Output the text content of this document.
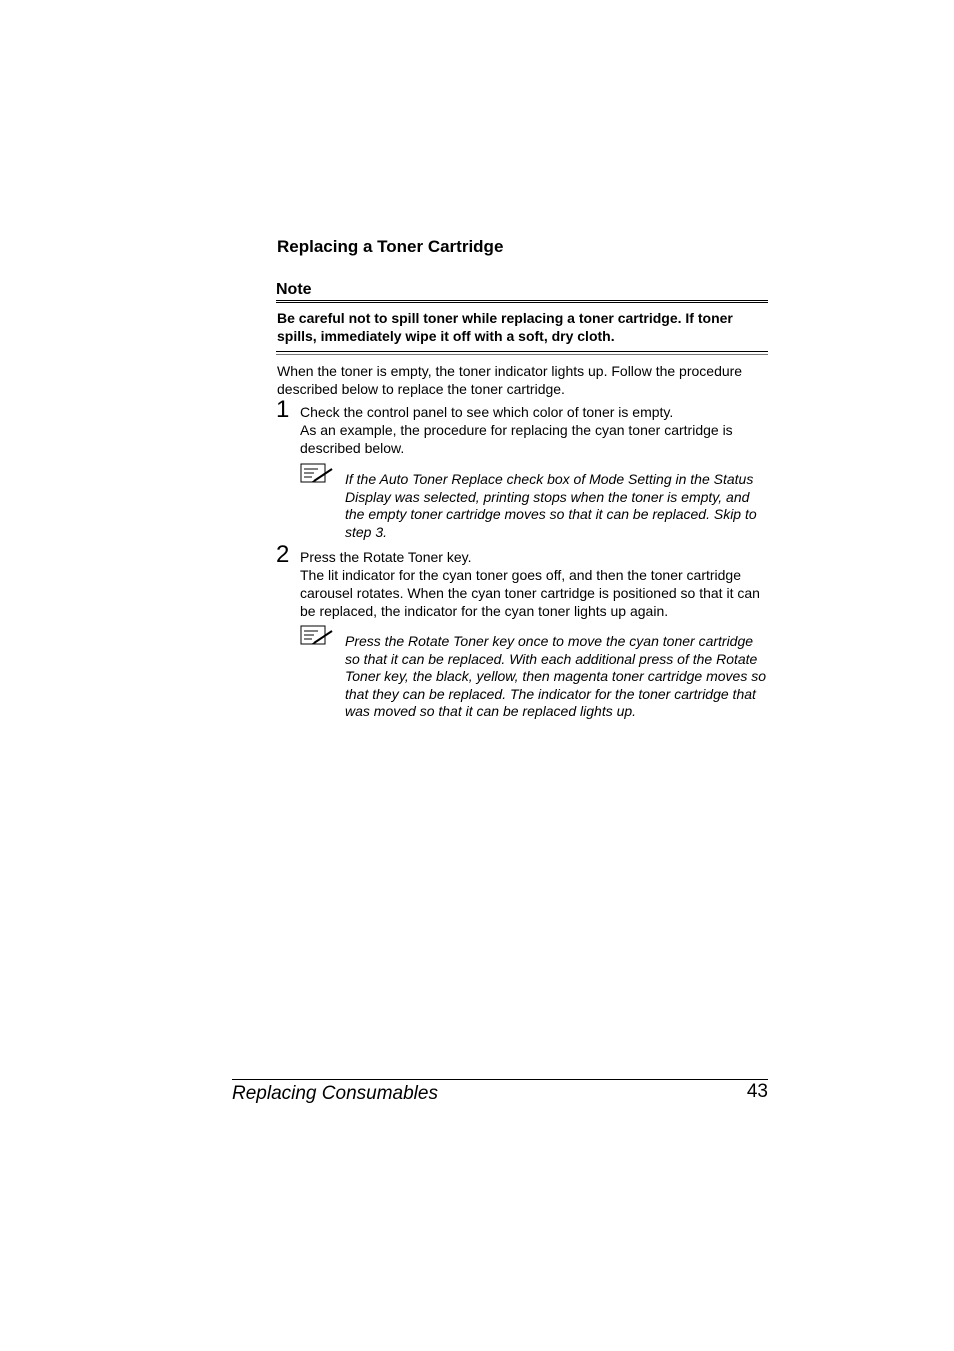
Replacing a Toner Cartridge
Note

Be careful not to spill toner while replacing a toner cartridge. If toner spills, immediately wipe it off with a soft, dry cloth.

When the toner is empty, the toner indicator lights up. Follow the procedure described below to replace the toner cartridge.

1 Check the control panel to see which color of toner is empty.
As an example, the procedure for replacing the cyan toner cartridge is described below.

If the Auto Toner Replace check box of Mode Setting in the Status Display was selected, printing stops when the toner is empty, and the empty toner cartridge moves so that it can be replaced. Skip to step 3.

2 Press the Rotate Toner key.
The lit indicator for the cyan toner goes off, and then the toner cartridge carousel rotates. When the cyan toner cartridge is positioned so that it can be replaced, the indicator for the cyan toner lights up again.

Press the Rotate Toner key once to move the cyan toner cartridge so that it can be replaced. With each additional press of the Rotate Toner key, the black, yellow, then magenta toner cartridge moves so that they can be replaced. The indicator for the toner cartridge that was moved so that it can be replaced lights up.

Replacing Consumables	43
